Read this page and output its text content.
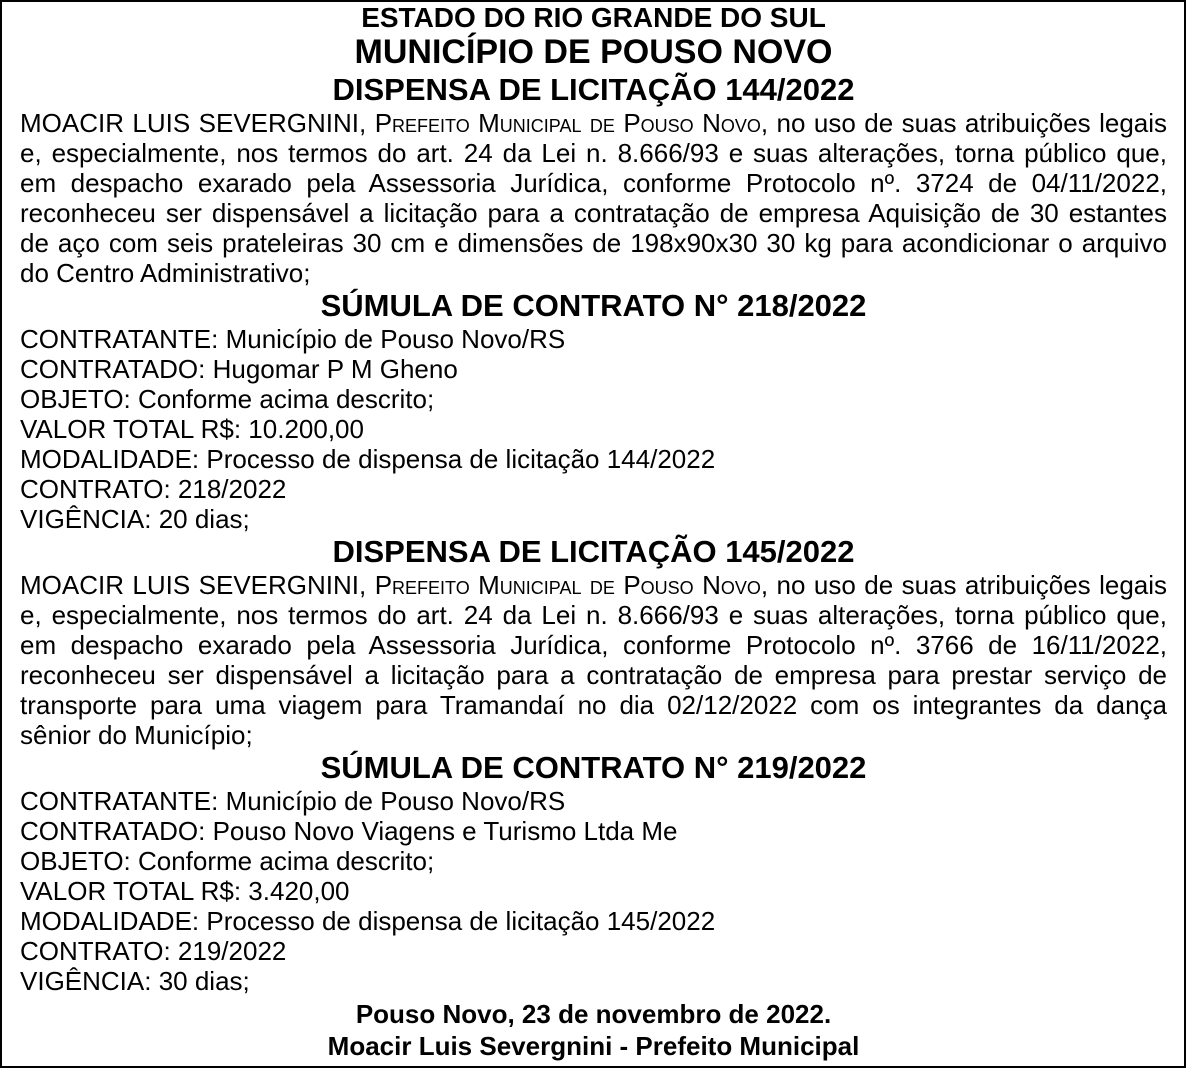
ESTADO DO RIO GRANDE DO SUL
MUNICÍPIO DE POUSO NOVO
DISPENSA DE LICITAÇÃO 144/2022

MOACIR LUIS SEVERGNINI, Prefeito Municipal de Pouso Novo, no uso de suas atribuições legais e, especialmente, nos termos do art. 24 da Lei n. 8.666/93 e suas alterações, torna público que, em despacho exarado pela Assessoria Jurídica, conforme Protocolo nº. 3724 de 04/11/2022, reconheceu ser dispensável a licitação para a contratação de empresa Aquisição de 30 estantes de aço com seis prateleiras 30 cm e dimensões de 198x90x30 30 kg para acondicionar o arquivo do Centro Administrativo;

SÚMULA DE CONTRATO N° 218/2022
CONTRATANTE: Município de Pouso Novo/RS
CONTRATADO: Hugomar P M Gheno
OBJETO: Conforme acima descrito;
VALOR TOTAL R$: 10.200,00
MODALIDADE: Processo de dispensa de licitação 144/2022
CONTRATO: 218/2022
VIGÊNCIA: 20 dias;
DISPENSA DE LICITAÇÃO 145/2022

MOACIR LUIS SEVERGNINI, Prefeito Municipal de Pouso Novo, no uso de suas atribuições legais e, especialmente, nos termos do art. 24 da Lei n. 8.666/93 e suas alterações, torna público que, em despacho exarado pela Assessoria Jurídica, conforme Protocolo nº. 3766 de 16/11/2022, reconheceu ser dispensável a licitação para a contratação de empresa para prestar serviço de transporte para uma viagem para Tramandaí no dia 02/12/2022 com os integrantes da dança sênior do Município;

SÚMULA DE CONTRATO N° 219/2022
CONTRATANTE: Município de Pouso Novo/RS
CONTRATADO: Pouso Novo Viagens e Turismo Ltda Me
OBJETO: Conforme acima descrito;
VALOR TOTAL R$: 3.420,00
MODALIDADE: Processo de dispensa de licitação 145/2022
CONTRATO: 219/2022
VIGÊNCIA: 30 dias;
Pouso Novo, 23 de novembro de 2022.
Moacir Luis Severgnini - Prefeito Municipal
